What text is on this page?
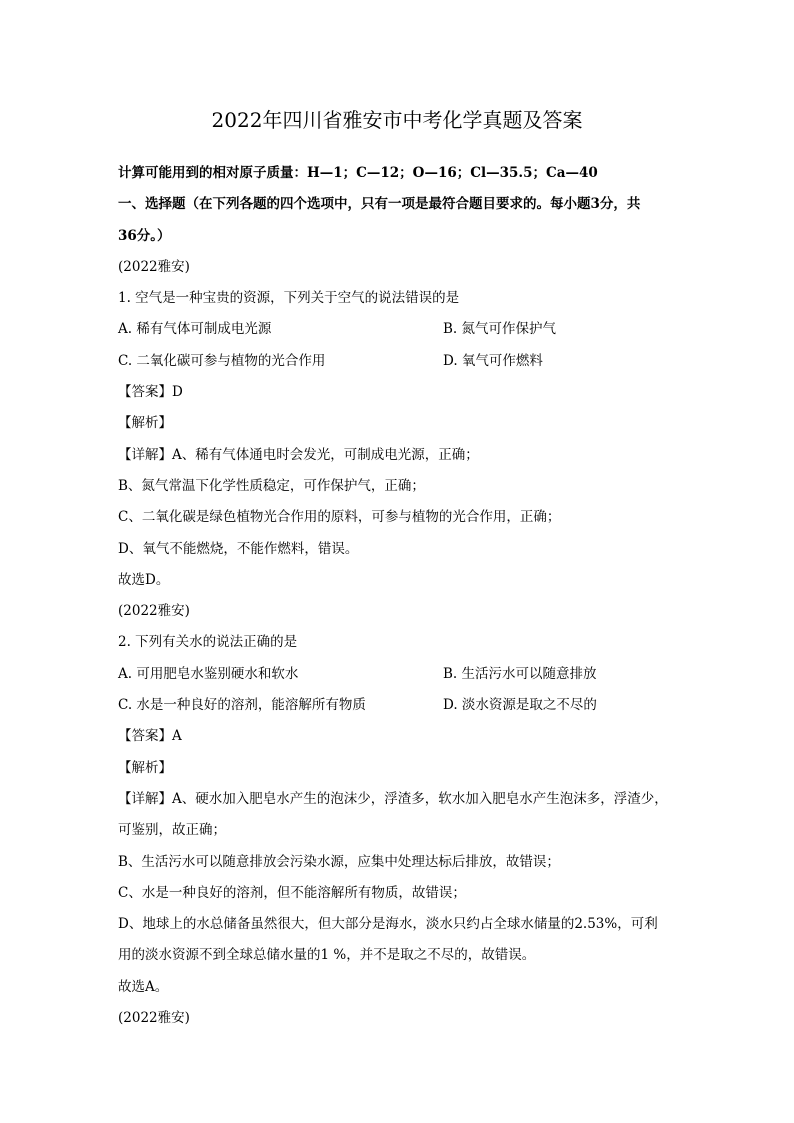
2022年四川省雅安市中考化学真题及答案
计算可能用到的相对原子质量：H—1；C—12；O—16；Cl—35.5；Ca—40
一、选择题（在下列各题的四个选项中，只有一项是最符合题目要求的。每小题3分，共
36分。）
(2022雅安)
1. 空气是一种宝贵的资源，下列关于空气的说法错误的是
A. 稀有气体可制成电光源	B. 氮气可作保护气
C. 二氧化碳可参与植物的光合作用	D. 氧气可作燃料
【答案】D
【解析】
【详解】A、稀有气体通电时会发光，可制成电光源，正确；
B、氮气常温下化学性质稳定，可作保护气，正确；
C、二氧化碳是绿色植物光合作用的原料，可参与植物的光合作用，正确；
D、氧气不能燃烧，不能作燃料，错误。
故选D。
(2022雅安)
2. 下列有关水的说法正确的是
A. 可用肥皂水鉴别硬水和软水	B. 生活污水可以随意排放
C. 水是一种良好的溶剂，能溶解所有物质	D. 淡水资源是取之不尽的
【答案】A
【解析】
【详解】A、硬水加入肥皂水产生的泡沫少，浮渣多，软水加入肥皂水产生泡沫多，浮渣少，
可鉴别，故正确；
B、生活污水可以随意排放会污染水源，应集中处理达标后排放，故错误；
C、水是一种良好的溶剂，但不能溶解所有物质，故错误；
D、地球上的水总储备虽然很大，但大部分是海水，淡水只约占全球水储量的2.53%，可利
用的淡水资源不到全球总储水量的1 %，并不是取之不尽的，故错误。
故选A。
(2022雅安)
